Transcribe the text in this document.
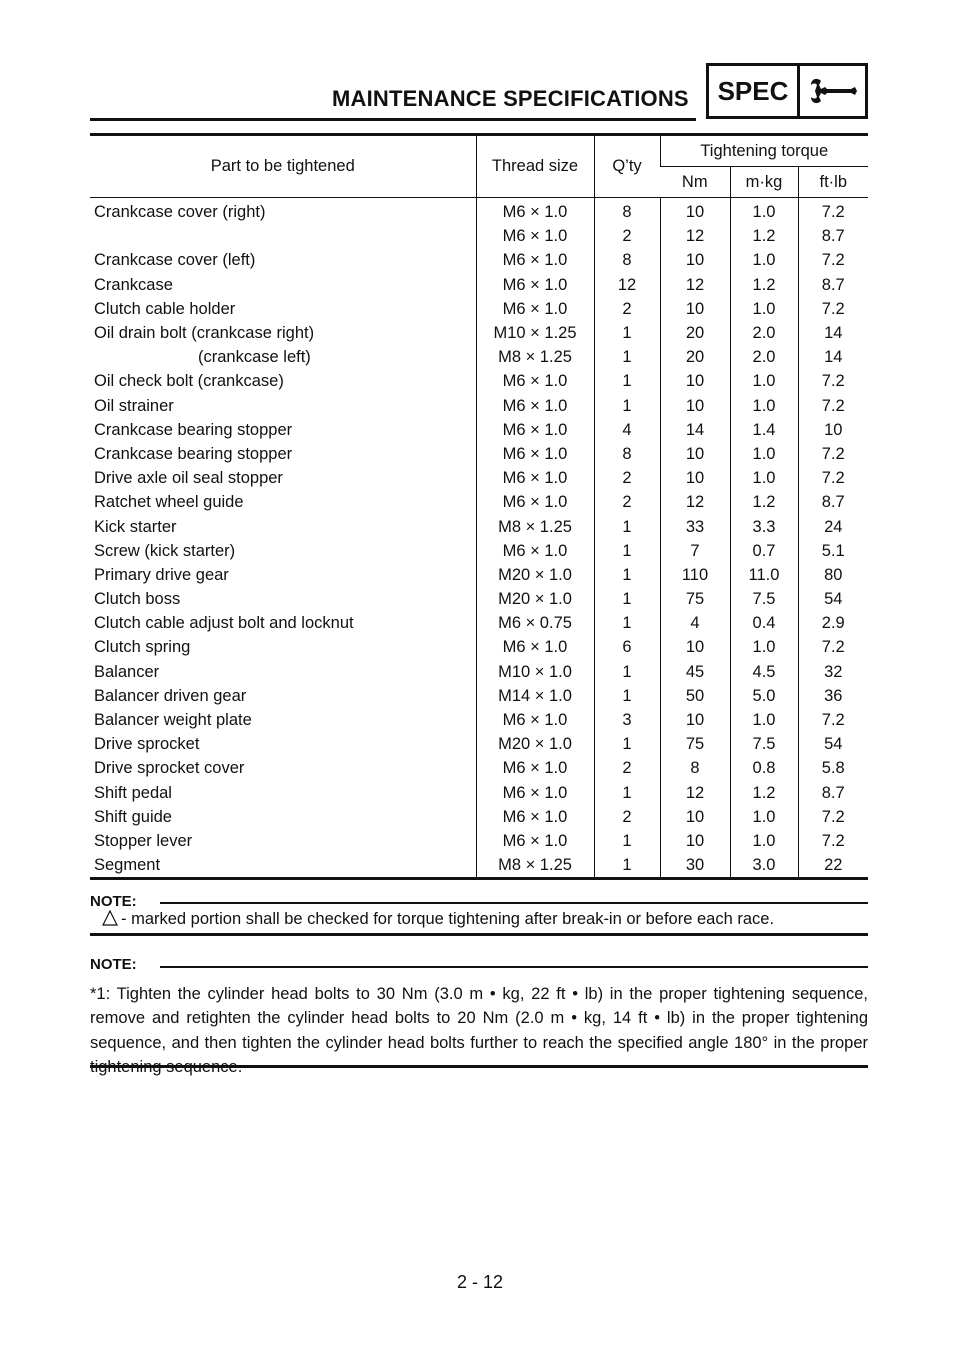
MAINTENANCE SPECIFICATIONS	SPEC
Part to be tightened	Thread size	Q’ty	Tightening torque		
			Nm	m·kg	ft·lb
Crankcase cover (right)	M6 × 1.0	8	10	1.0	7.2
	M6 × 1.0	2	12	1.2	8.7
Crankcase cover (left)	M6 × 1.0	8	10	1.0	7.2
Crankcase	M6 × 1.0	12	12	1.2	8.7
Clutch cable holder	M6 × 1.0	2	10	1.0	7.2
Oil drain bolt (crankcase right)	M10 × 1.25	1	20	2.0	14
(crankcase left)	M8 × 1.25	1	20	2.0	14
Oil check bolt (crankcase)	M6 × 1.0	1	10	1.0	7.2
Oil strainer	M6 × 1.0	1	10	1.0	7.2
Crankcase bearing stopper	M6 × 1.0	4	14	1.4	10
Crankcase bearing stopper	M6 × 1.0	8	10	1.0	7.2
Drive axle oil seal stopper	M6 × 1.0	2	10	1.0	7.2
Ratchet wheel guide	M6 × 1.0	2	12	1.2	8.7
Kick starter	M8 × 1.25	1	33	3.3	24
Screw (kick starter)	M6 × 1.0	1	7	0.7	5.1
Primary drive gear	M20 × 1.0	1	110	11.0	80
Clutch boss	M20 × 1.0	1	75	7.5	54
Clutch cable adjust bolt and locknut	M6 × 0.75	1	4	0.4	2.9
Clutch spring	M6 × 1.0	6	10	1.0	7.2
Balancer	M10 × 1.0	1	45	4.5	32
Balancer driven gear	M14 × 1.0	1	50	5.0	36
Balancer weight plate	M6 × 1.0	3	10	1.0	7.2
Drive sprocket	M20 × 1.0	1	75	7.5	54
Drive sprocket cover	M6 × 1.0	2	8	0.8	5.8
Shift pedal	M6 × 1.0	1	12	1.2	8.7
Shift guide	M6 × 1.0	2	10	1.0	7.2
Stopper lever	M6 × 1.0	1	10	1.0	7.2
Segment	M8 × 1.25	1	30	3.0	22
NOTE:
- marked portion shall be checked for torque tightening after break-in or before each race.
NOTE:
*1: Tighten the cylinder head bolts to 30 Nm (3.0 m • kg, 22 ft • lb) in the proper tightening sequence, remove and retighten the cylinder head bolts to 20 Nm (2.0 m • kg, 14 ft • lb) in the proper tightening sequence, and then tighten the cylinder head bolts further to reach the specified angle 180° in the proper
2 - 12
